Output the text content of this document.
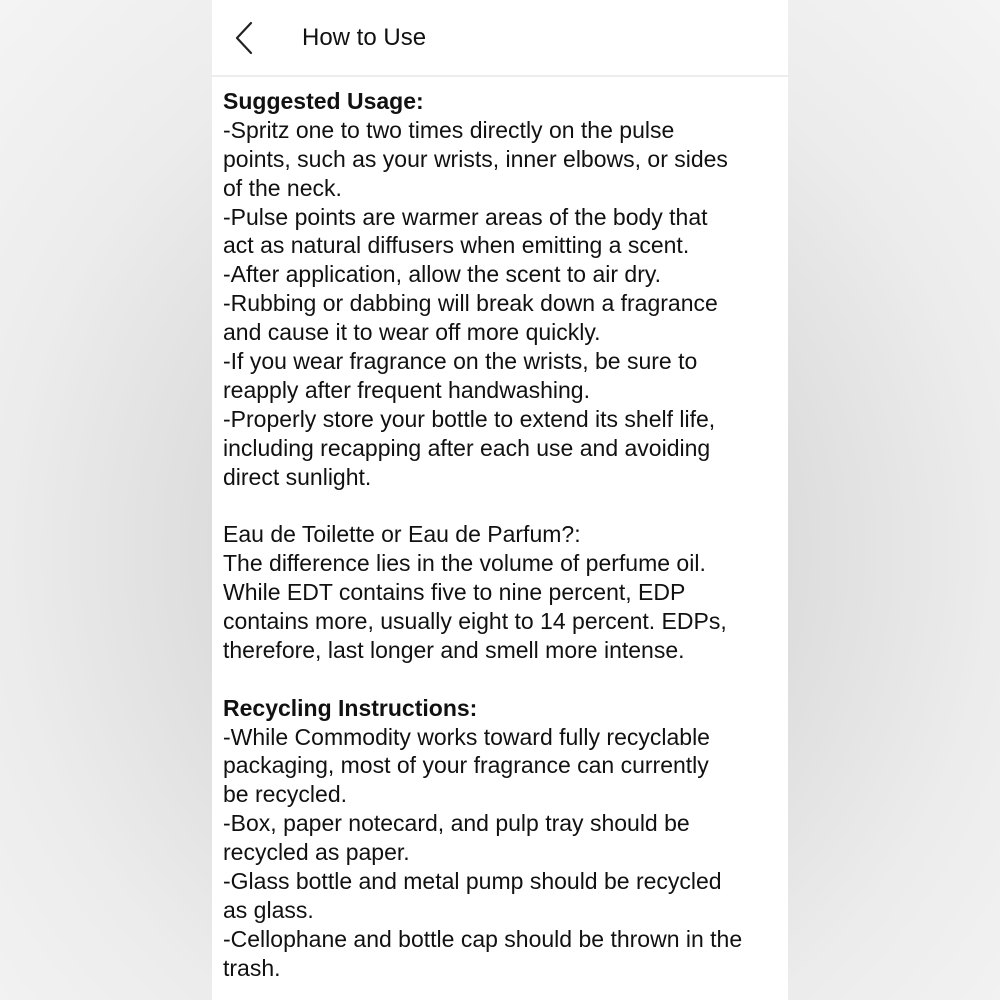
How to Use
Suggested Usage:
-Spritz one to two times directly on the pulse
points, such as your wrists, inner elbows, or sides
of the neck.
-Pulse points are warmer areas of the body that
act as natural diffusers when emitting a scent.
-After application, allow the scent to air dry.
-Rubbing or dabbing will break down a fragrance
and cause it to wear off more quickly.
-If you wear fragrance on the wrists, be sure to
reapply after frequent handwashing.
-Properly store your bottle to extend its shelf life,
including recapping after each use and avoiding
direct sunlight.
Eau de Toilette or Eau de Parfum?:
The difference lies in the volume of perfume oil.
While EDT contains five to nine percent, EDP
contains more, usually eight to 14 percent. EDPs,
therefore, last longer and smell more intense.
Recycling Instructions:
-While Commodity works toward fully recyclable
packaging, most of your fragrance can currently
be recycled.
-Box, paper notecard, and pulp tray should be
recycled as paper.
-Glass bottle and metal pump should be recycled
as glass.
-Cellophane and bottle cap should be thrown in the
trash.
